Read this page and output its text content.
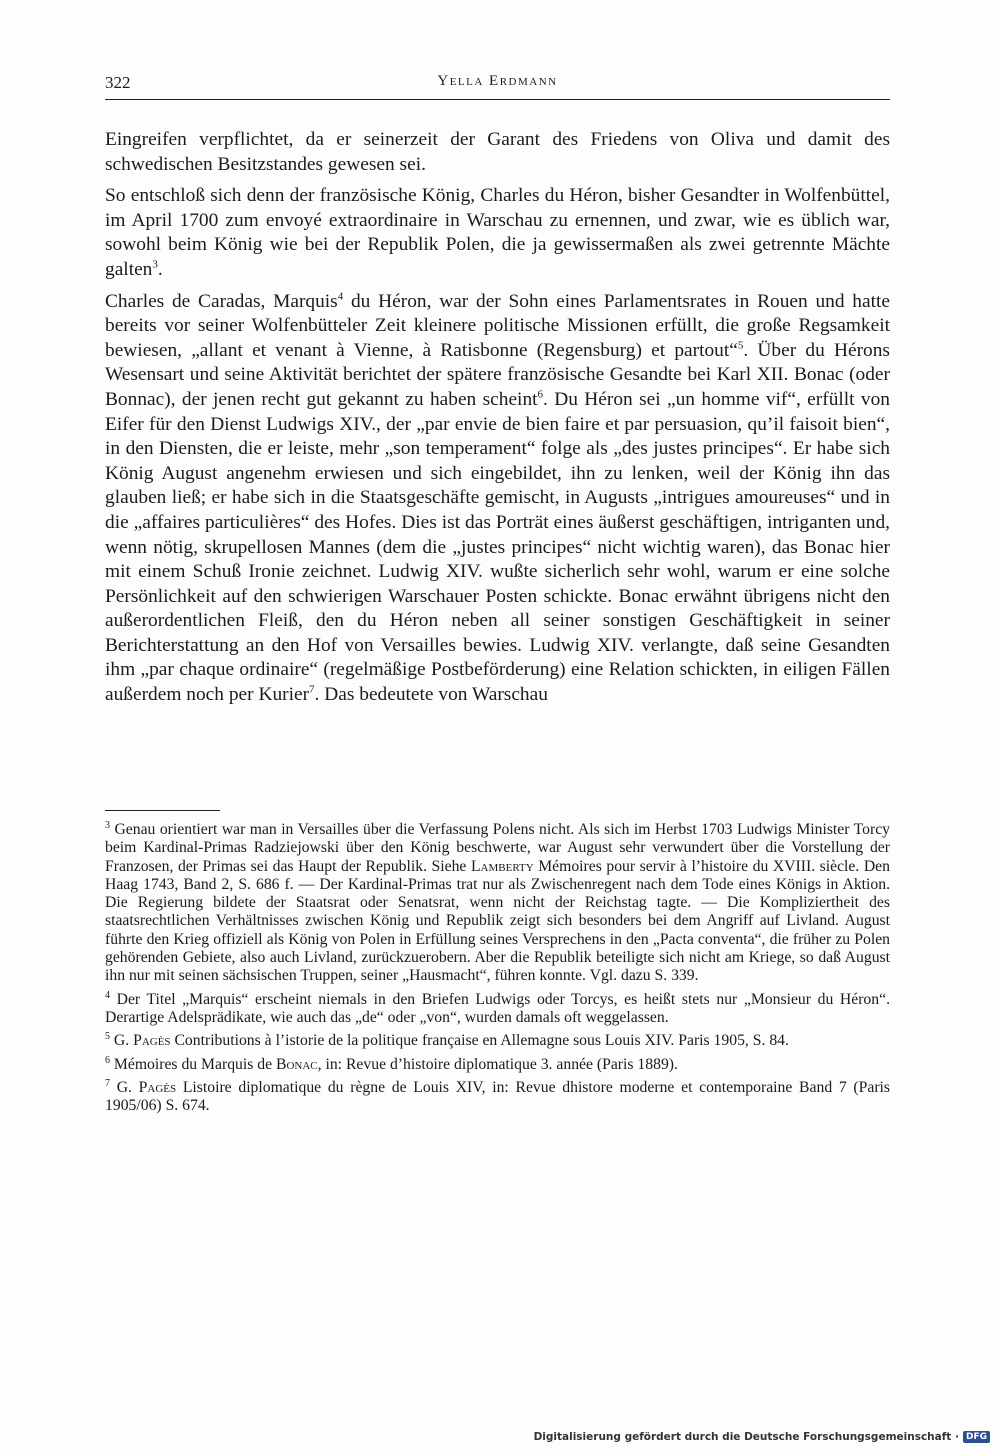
322	Yella Erdmann

Eingreifen verpflichtet, da er seinerzeit der Garant des Friedens von Oliva und damit des schwedischen Besitzstandes gewesen sei.

So entschloß sich denn der französische König, Charles du Héron, bisher Gesandter in Wolfenbüttel, im April 1700 zum envoyé extraordinaire in Warschau zu ernennen, und zwar, wie es üblich war, sowohl beim König wie bei der Republik Polen, die ja gewissermaßen als zwei getrennte Mächte galten$^3$.

Charles de Caradas, Marquis$^4$ du Héron, war der Sohn eines Parlamentsrates in Rouen und hatte bereits vor seiner Wolfenbütteler Zeit kleinere politische Missionen erfüllt, die große Regsamkeit bewiesen, „allant et venant à Vienne, à Ratisbonne (Regensburg) et partout“$^5$. Über du Hérons Wesensart und seine Aktivität berichtet der spätere französische Gesandte bei Karl XII. Bonac (oder Bonnac), der jenen recht gut gekannt zu haben scheint$^6$. Du Héron sei „un homme vif“, erfüllt von Eifer für den Dienst Ludwigs XIV., der „par envie de bien faire et par persuasion, qu’il faisoit bien“, in den Diensten, die er leiste, mehr „son temperament“ folge als „des justes principes“. Er habe sich König August angenehm erwiesen und sich eingebildet, ihn zu lenken, weil der König ihn das glauben ließ; er habe sich in die Staatsgeschäfte gemischt, in Augusts „intrigues amoureuses“ und in die „affaires particulières“ des Hofes. Dies ist das Porträt eines äußerst geschäftigen, intriganten und, wenn nötig, skrupellosen Mannes (dem die „justes principes“ nicht wichtig waren), das Bonac hier mit einem Schuß Ironie zeichnet. Ludwig XIV. wußte sicherlich sehr wohl, warum er eine solche Persönlichkeit auf den schwierigen Warschauer Posten schickte. Bonac erwähnt übrigens nicht den außerordentlichen Fleiß, den du Héron neben all seiner sonstigen Geschäftigkeit in seiner Berichterstattung an den Hof von Versailles bewies. Ludwig XIV. verlangte, daß seine Gesandten ihm „par chaque ordinaire“ (regelmäßige Postbeförderung) eine Relation schickten, in eiligen Fällen außerdem noch per Kurier$^7$. Das bedeutete von Warschau

$^3$ Genau orientiert war man in Versailles über die Verfassung Polens nicht. Als sich im Herbst 1703 Ludwigs Minister Torcy beim Kardinal-Primas Radziejowski über den König beschwerte, war August sehr verwundert über die Vorstellung der Franzosen, der Primas sei das Haupt der Republik. Siehe Lamberty Mémoires pour servir à l’histoire du XVIII. siècle. Den Haag 1743, Band 2, S. 686 f. — Der Kardinal-Primas trat nur als Zwischenregent nach dem Tode eines Königs in Aktion. Die Regierung bildete der Staatsrat oder Senatsrat, wenn nicht der Reichstag tagte. — Die Kompliziertheit des staatsrechtlichen Verhältnisses zwischen König und Republik zeigt sich besonders bei dem Angriff auf Livland. August führte den Krieg offiziell als König von Polen in Erfüllung seines Versprechens in den „Pacta conventa“, die früher zu Polen gehörenden Gebiete, also auch Livland, zurückzuerobern. Aber die Republik beteiligte sich nicht am Kriege, so daß August ihn nur mit seinen sächsischen Truppen, seiner „Hausmacht“, führen konnte. Vgl. dazu S. 339.

$^4$ Der Titel „Marquis“ erscheint niemals in den Briefen Ludwigs oder Torcys, es heißt stets nur „Monsieur du Héron“. Derartige Adelsprädikate, wie auch das „de“ oder „von“, wurden damals oft weggelassen.

$^5$ G. Pagès Contributions à l’istorie de la politique française en Allemagne sous Louis XIV. Paris 1905, S. 84.

$^6$ Mémoires du Marquis de Bonac, in: Revue d’histoire diplomatique 3. année (Paris 1889).

$^7$ G. Pagès Listoire diplomatique du règne de Louis XIV, in: Revue dhistore moderne et contemporaine Band 7 (Paris 1905/06) S. 674.

Digitalisierung gefördert durch die Deutsche Forschungsgemeinschaft · DFG
